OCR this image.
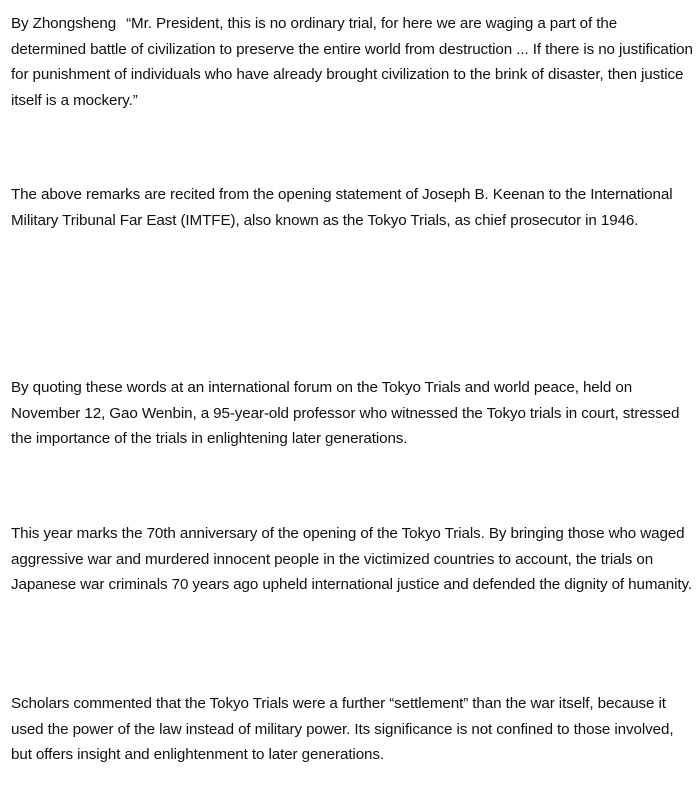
By Zhongsheng “Mr. President, this is no ordinary trial, for here we are waging a part of the determined battle of civilization to preserve the entire world from destruction ... If there is no justification for punishment of individuals who have already brought civilization to the brink of disaster, then justice itself is a mockery.”

The above remarks are recited from the opening statement of Joseph B. Keenan to the International Military Tribunal Far East (IMTFE), also known as the Tokyo Trials, as chief prosecutor in 1946.

By quoting these words at an international forum on the Tokyo Trials and world peace, held on November 12, Gao Wenbin, a 95-year-old professor who witnessed the Tokyo trials in court, stressed the importance of the trials in enlightening later generations.

This year marks the 70th anniversary of the opening of the Tokyo Trials. By bringing those who waged aggressive war and murdered innocent people in the victimized countries to account, the trials on Japanese war criminals 70 years ago upheld international justice and defended the dignity of humanity.

Scholars commented that the Tokyo Trials were a further “settlement” than the war itself, because it used the power of the law instead of military power. Its significance is not confined to those involved, but offers insight and enlightenment to later generations.
